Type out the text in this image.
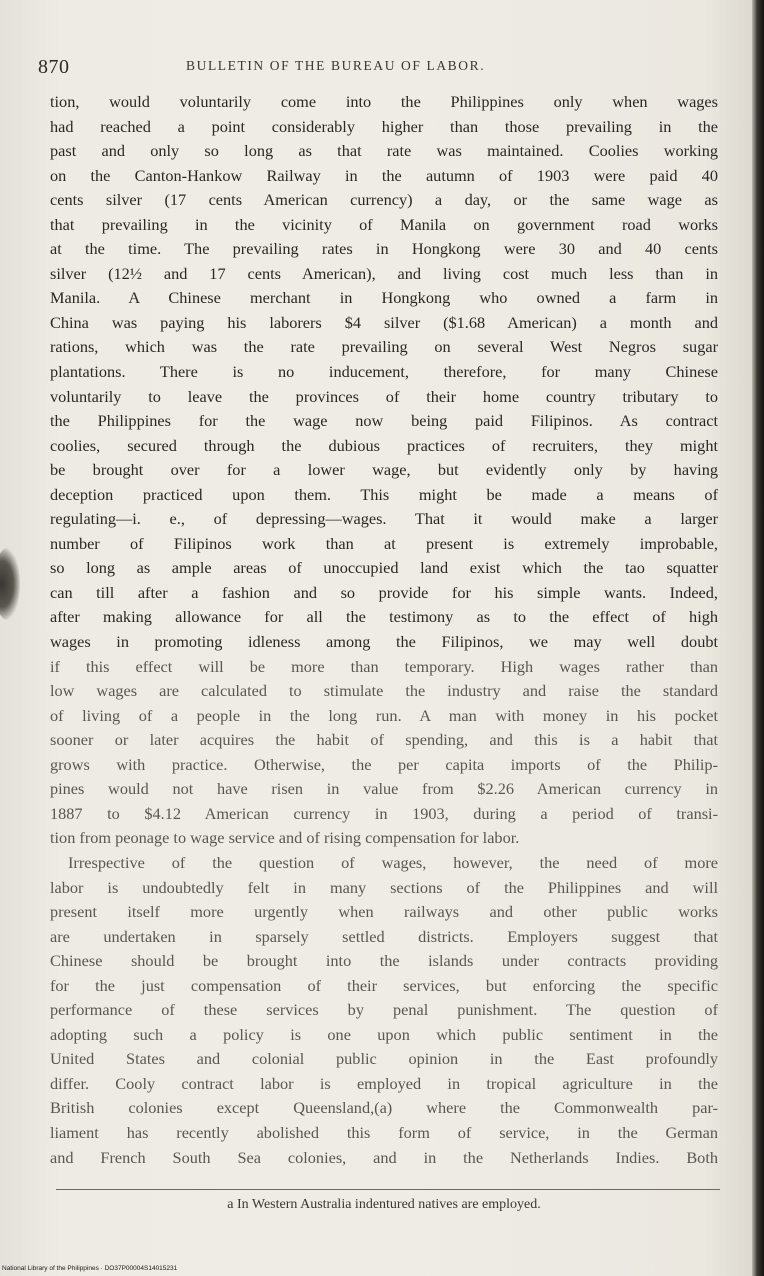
870	BULLETIN OF THE BUREAU OF LABOR.
tion, would voluntarily come into the Philippines only when wages
had reached a point considerably higher than those prevailing in the
past and only so long as that rate was maintained. Coolies working
on the Canton-Hankow Railway in the autumn of 1903 were paid 40
cents silver (17 cents American currency) a day, or the same wage as
that prevailing in the vicinity of Manila on government road works
at the time. The prevailing rates in Hongkong were 30 and 40 cents
silver (12½ and 17 cents American), and living cost much less than in
Manila. A Chinese merchant in Hongkong who owned a farm in
China was paying his laborers $4 silver ($1.68 American) a month and
rations, which was the rate prevailing on several West Negros sugar
plantations. There is no inducement, therefore, for many Chinese
voluntarily to leave the provinces of their home country tributary to
the Philippines for the wage now being paid Filipinos. As contract
coolies, secured through the dubious practices of recruiters, they might
be brought over for a lower wage, but evidently only by having
deception practiced upon them. This might be made a means of
regulating—i. e., of depressing—wages. That it would make a larger
number of Filipinos work than at present is extremely improbable,
so long as ample areas of unoccupied land exist which the tao squatter
can till after a fashion and so provide for his simple wants. Indeed,
after making allowance for all the testimony as to the effect of high
wages in promoting idleness among the Filipinos, we may well doubt
if this effect will be more than temporary. High wages rather than
low wages are calculated to stimulate the industry and raise the standard
of living of a people in the long run. A man with money in his pocket
sooner or later acquires the habit of spending, and this is a habit that
grows with practice. Otherwise, the per capita imports of the Philip-
pines would not have risen in value from $2.26 American currency in
1887 to $4.12 American currency in 1903, during a period of transi-
tion from peonage to wage service and of rising compensation for labor.
Irrespective of the question of wages, however, the need of more
labor is undoubtedly felt in many sections of the Philippines and will
present itself more urgently when railways and other public works
are undertaken in sparsely settled districts. Employers suggest that
Chinese should be brought into the islands under contracts providing
for the just compensation of their services, but enforcing the specific
performance of these services by penal punishment. The question of
adopting such a policy is one upon which public sentiment in the
United States and colonial public opinion in the East profoundly
differ. Cooly contract labor is employed in tropical agriculture in the
British colonies except Queensland,(a) where the Commonwealth par-
liament has recently abolished this form of service, in the German
and French South Sea colonies, and in the Netherlands Indies. Both
a In Western Australia indentured natives are employed.
National Library of the Philippines · DO37P00004S14015231
